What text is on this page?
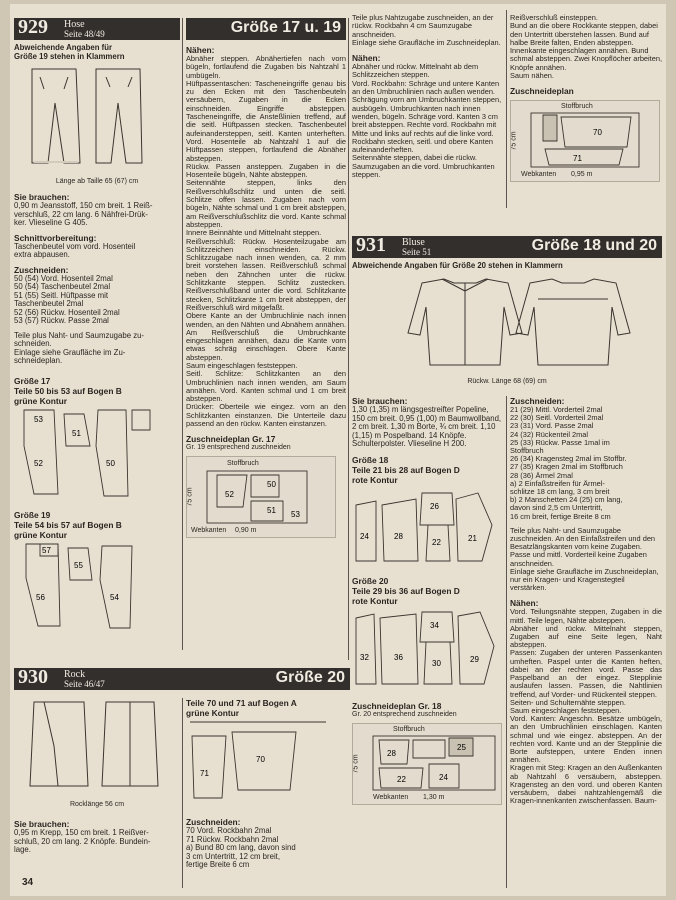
929 Hose
Seite 48/49
Abweichende Angaben für
Größe 19 stehen in Klammern
Länge ab Taille 65 (67) cm
Sie brauchen:
0,90 m Jeansstoff, 150 cm breit. 1 Reiß-
verschluß, 22 cm lang. 6 Nähfrei-Drük-
ker. Vlieseline G 405.
Schnittvorbereitung:
Taschenbeutel vom vord. Hosenteil
extra abpausen.
Zuschneiden:
50 (54) Vord. Hosenteil 2mal
50 (54) Taschenbeutel 2mal
51 (55) Seitl. Hüftpasse mit
Taschenbeutel 2mal
52 (56) Rückw. Hosenteil 2mal
53 (57) Rückw. Passe 2mal
Teile plus Naht- und Saumzugabe zu-
schneiden.
Einlage siehe Graufläche im Zu-
schneideplan.
Größe 17
Teile 50 bis 53 auf Bogen B
grüne Kontur
52
53
51
50
Größe 19
Teile 54 bis 57 auf Bogen B
grüne Kontur
56
57
55
54
Größe 17 u. 19
Nähen:
Abnäher steppen. Abnähertiefen nach vorn bügeln, fortlaufend die Zugaben bis Nahtzahl 1 umbügeln.
Hüftpassentaschen: Tascheneingriffe genau bis zu den Ecken mit den Taschenbeuteln versäubern, Zugaben in die Ecken einschneiden. Eingriffe absteppen. Tascheneingriffe, die Ansteßlinien treffend, auf die seitl. Hüftpassen stecken. Taschenbeutel aufeinandersteppen, seitl. Kanten unterheften. Vord. Hosenteile ab Nahtzahl 1 auf die Hüftpassen steppen, fortlaufend die Abnäher absteppen.
Rückw. Passen ansteppen. Zugaben in die Hosenteile bügeln, Nähte absteppen.
Seitennähte steppen, links den Reißverschlußschlitz und unten die seitl. Schlitze offen lassen. Zugaben nach vorn bügeln, Nähte schmal und 1 cm breit absteppen, am Reißverschlußschlitz die vord. Kante schmal absteppen.
Innere Beinnähte und Mittelnaht steppen.
Reißverschluß: Rückw. Hosenteilzugabe am Schlitzzeichen einschneiden. Rückw. Schlitzzugabe nach innen wenden, ca. 2 mm breit vorstehen lassen. Reißverschluß schmal neben den Zähnchen unter die rückw. Schlitzkante steppen. Schlitz zustecken. Reißverschlußband unter die vord. Schlitzkante stecken, Schlitzkante 1 cm breit absteppen, der Reißverschluß wird mitgefaßt.
Obere Kante an der Umbruchlinie nach innen wenden, an den Nähten und Abnähern annähen. Am Reißverschluß die Umbruchkante eingeschlagen annähen, dazu die Kante vorn etwas schräg einschlagen. Obere Kante absteppen.
Saum eingeschlagen feststeppen.
Seitl. Schlitze: Schlitzkanten an den Umbruchlinien nach innen wenden, am Saum annähen. Vord. Kanten schmal und 1 cm breit absteppen.
Drücker: Oberteile wie eingez. vorn an den Schlitzkanten einstanzen. Die Unterteile dazu passend an den rückw. Kanten einstanzen.
Zuschneideplan Gr. 17
Gr. 19 entsprechend zuschneiden
Stoffbruch
75 cm
50
51
52
53
Webkanten 0,90 m
930 Rock
Seite 46/47	Größe 20
Rocklänge 56 cm
Sie brauchen:
0,95 m Krepp, 150 cm breit. 1 Reißver-
schluß, 20 cm lang. 2 Knöpfe. Bundein-
lage.
Teile 70 und 71 auf Bogen A
grüne Kontur
71
70
Zuschneiden:
70 Vord. Rockbahn 2mal
71 Rückw. Rockbahn 2mal
a) Bund 80 cm lang, davon sind
3 cm Untertritt, 12 cm breit,
fertige Breite 6 cm
Teile plus Nahtzugabe zuschneiden, an der rückw. Rockbahn 4 cm Saumzugabe anschneiden.
Einlage siehe Graufläche im Zuschneideplan.
Nähen:
Abnäher und rückw. Mittelnaht ab dem Schlitzzeichen steppen.
Vord. Rockbahn: Schräge und untere Kanten an den Umbruchlinien nach außen wenden. Schrägung vorn am Umbruchkanten steppen, ausbügeln. Umbruchkanten nach innen wenden, bügeln. Schräge vord. Kanten 3 cm breit absteppen. Rechte vord. Rockbahn mit Mitte und links auf rechts auf die linke vord. Rockbahn stecken, seitl. und obere Kanten aufeinanderheften.
Seitennähte steppen, dabei die rückw. Saumzugaben an die vord. Umbruchkanten steppen.
Reißverschluß einsteppen.
Bund an die obere Rockkante steppen, dabei den Untertritt überstehen lassen. Bund auf halbe Breite falten, Enden absteppen. Innenkante eingeschlagen annähen. Bund schmal absteppen. Zwei Knopflöcher arbeiten, Knöpfe annähen.
Saum nähen.
Zuschneideplan
Stoffbruch
75 cm	70
71
Webkanten 0,95 m
931 Bluse
Seite 51	Größe 18 und 20
Abweichende Angaben für Größe 20 stehen in Klammern
Rückw. Länge 68 (69) cm
Sie brauchen:
1,30 (1,35) m längsgestreifter Popeline, 150 cm breit. 0,95 (1,00) m Baumwollband, 2 cm breit. 1,30 m Borte, ¾ cm breit. 1,10 (1,15) m Pospelband. 14 Knöpfe. Schulterpolster. Vlieseline H 200.
Größe 18
Teile 21 bis 28 auf Bogen D
rote Kontur
24	28
26
22	21
Größe 20
Teile 29 bis 36 auf Bogen D
rote Kontur
32	36
34
30	29
Zuschneideplan Gr. 18
Gr. 20 entsprechend zuschneiden
Stoffbruch
75 cm
28
25
22	24
Webkanten 1,30 m
Zuschneiden:
21 (29) Mittl. Vorderteil 2mal
22 (30) Seitl. Vorderteil 2mal
23 (31) Vord. Passe 2mal
24 (32) Rückenteil 2mal
25 (33) Rückw. Passe 1mal im
Stoffbruch
26 (34) Kragensteg 2mal im Stoffbr.
27 (35) Kragen 2mal im Stoffbruch
28 (36) Ärmel 2mal
a) 2 Einfaßstreifen für Ärmel-
schlitze 18 cm lang, 3 cm breit
b) 2 Manschetten 24 (25) cm lang,
davon sind 2,5 cm Untertritt,
16 cm breit, fertige Breite 8 cm
Teile plus Naht- und Saumzugabe zuschneiden. An den Einfaßstreifen und den Besatzlängskanten vorn keine Zugaben. Passe und mittl. Vorderteil keine Zugaben anschneiden.
Einlage siehe Graufläche im Zuschneideplan, nur ein Kragen- und Kragenstegteil verstärken.
Nähen:
Vord. Teilungsnähte steppen, Zugaben in die mittl. Teile legen, Nähte absteppen.
Abnäher und rückw. Mittelnaht steppen, Zugaben auf eine Seite legen, Naht absteppen.
Passen: Zugaben der unteren Passenkanten umheften. Paspel unter die Kanten heften, dabei an der rechten vord. Passe das Paspelband an der eingez. Stepplinie auslaufen lassen. Passen, die Nahtlinien treffend, auf Vorder- und Rückenteil steppen.
Seiten- und Schulternähte steppen.
Saum eingeschlagen feststeppen.
Vord. Kanten: Angeschn. Besätze umbügeln, an den Umbruchlinien einschlagen. Kanten schmal und wie eingez. absteppen. An der rechten vord. Kante und an der Stepplinie die Borte aufsteppen, untere Enden innen annähen.
Kragen mit Steg: Kragen an den Außenkanten ab Nahtzahl 6 versäubern, absteppen. Kragensteg an den vord. und oberen Kanten versäubern, dabei nahtzahlengemäß die Kragen-innenkanten zwischenfassen. Baum-
34
